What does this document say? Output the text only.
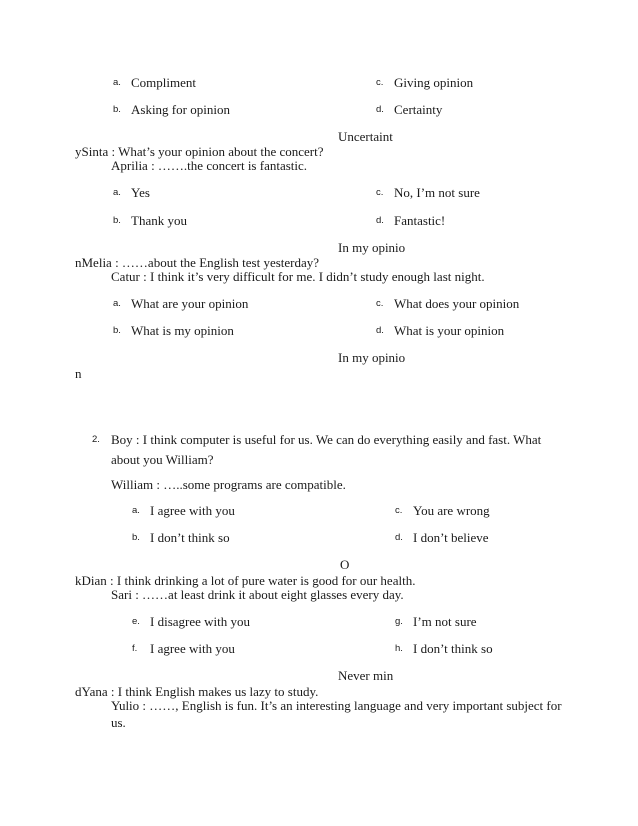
a. Compliment	c. Giving opinion
b. Asking for opinion	d. Certainty
Uncertaint
ySinta : What’s your opinion about the concert?
Aprilia : …….the concert is fantastic.
a. Yes	c. No, I’m not sure
b. Thank you	d. Fantastic!
In my opinio
nMelia : ……about the English test yesterday?
Catur : I think it’s very difficult for me. I didn’t study enough last night.
a. What are your opinion	c. What does your opinion
b. What is my opinion	d. What is your opinion
In my opinio
n
2. Boy : I think computer is useful for us. We can do everything easily and fast. What
about you William?
William : …..some programs are compatible.
a. I agree with you	c. You are wrong
b. I don’t think so	d. I don’t believe
O
kDian : I think drinking a lot of pure water is good for our health.
Sari : ……at least drink it about eight glasses every day.
e. I disagree with you	g. I’m not sure
f. I agree with you	h. I don’t think so
Never min
dYana : I think English makes us lazy to study.
Yulio : ……, English is fun. It’s an interesting language and very important subject for
us.
